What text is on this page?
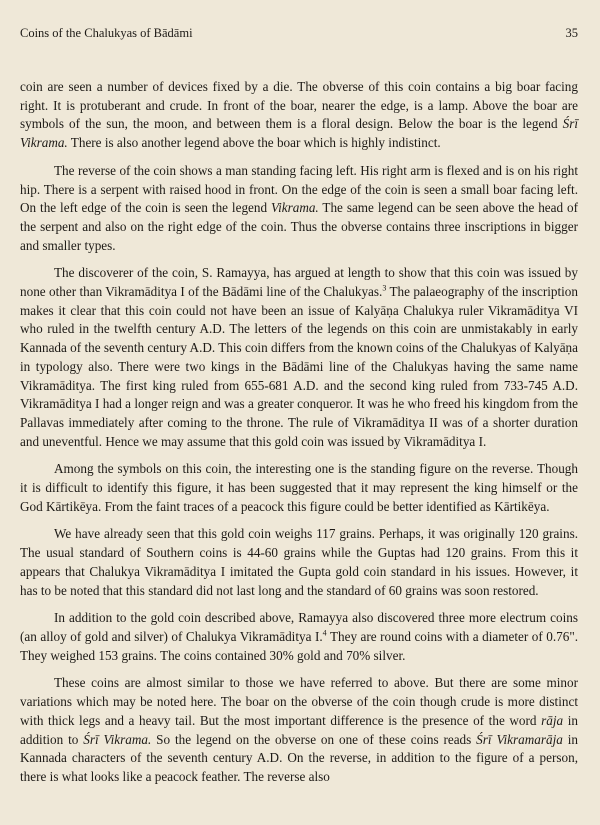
Coins of the Chalukyas of Bādāmi	35

coin are seen a number of devices fixed by a die. The obverse of this coin contains a big boar facing right. It is protuberant and crude. In front of the boar, nearer the edge, is a lamp. Above the boar are symbols of the sun, the moon, and between them is a floral design. Below the boar is the legend Śrī Vikrama. There is also another legend above the boar which is highly indistinct.

The reverse of the coin shows a man standing facing left. His right arm is flexed and is on his right hip. There is a serpent with raised hood in front. On the edge of the coin is seen a small boar facing left. On the left edge of the coin is seen the legend Vikrama. The same legend can be seen above the head of the serpent and also on the right edge of the coin. Thus the obverse contains three inscriptions in bigger and smaller types.

The discoverer of the coin, S. Ramayya, has argued at length to show that this coin was issued by none other than Vikramāditya I of the Bādāmi line of the Chalukyas.$^3$ The palaeography of the inscription makes it clear that this coin could not have been an issue of Kalyāṇa Chalukya ruler Vikramāditya VI who ruled in the twelfth century A.D. The letters of the legends on this coin are unmistakably in early Kannada of the seventh century A.D. This coin differs from the known coins of the Chalukyas of Kalyāṇa in typology also. There were two kings in the Bādāmi line of the Chalukyas having the same name Vikramāditya. The first king ruled from 655-681 A.D. and the second king ruled from 733-745 A.D. Vikramāditya I had a longer reign and was a greater conqueror. It was he who freed his kingdom from the Pallavas immediately after coming to the throne. The rule of Vikramāditya II was of a shorter duration and uneventful. Hence we may assume that this gold coin was issued by Vikramāditya I.

Among the symbols on this coin, the interesting one is the standing figure on the reverse. Though it is difficult to identify this figure, it has been suggested that it may represent the king himself or the God Kārtikēya. From the faint traces of a peacock this figure could be better identified as Kārtikēya.

We have already seen that this gold coin weighs 117 grains. Perhaps, it was originally 120 grains. The usual standard of Southern coins is 44-60 grains while the Guptas had 120 grains. From this it appears that Chalukya Vikramāditya I imitated the Gupta gold coin standard in his issues. However, it has to be noted that this standard did not last long and the standard of 60 grains was soon restored.

In addition to the gold coin described above, Ramayya also discovered three more electrum coins (an alloy of gold and silver) of Chalukya Vikramāditya I.$^4$ They are round coins with a diameter of 0.76". They weighed 153 grains. The coins contained 30% gold and 70% silver.

These coins are almost similar to those we have referred to above. But there are some minor variations which may be noted here. The boar on the obverse of the coin though crude is more distinct with thick legs and a heavy tail. But the most important difference is the presence of the word rāja in addition to Śrī Vikrama. So the legend on the obverse on one of these coins reads Śrī Vikramarāja in Kannada characters of the seventh century A.D. On the reverse, in addition to the figure of a person, there is what looks like a peacock feather. The reverse also
